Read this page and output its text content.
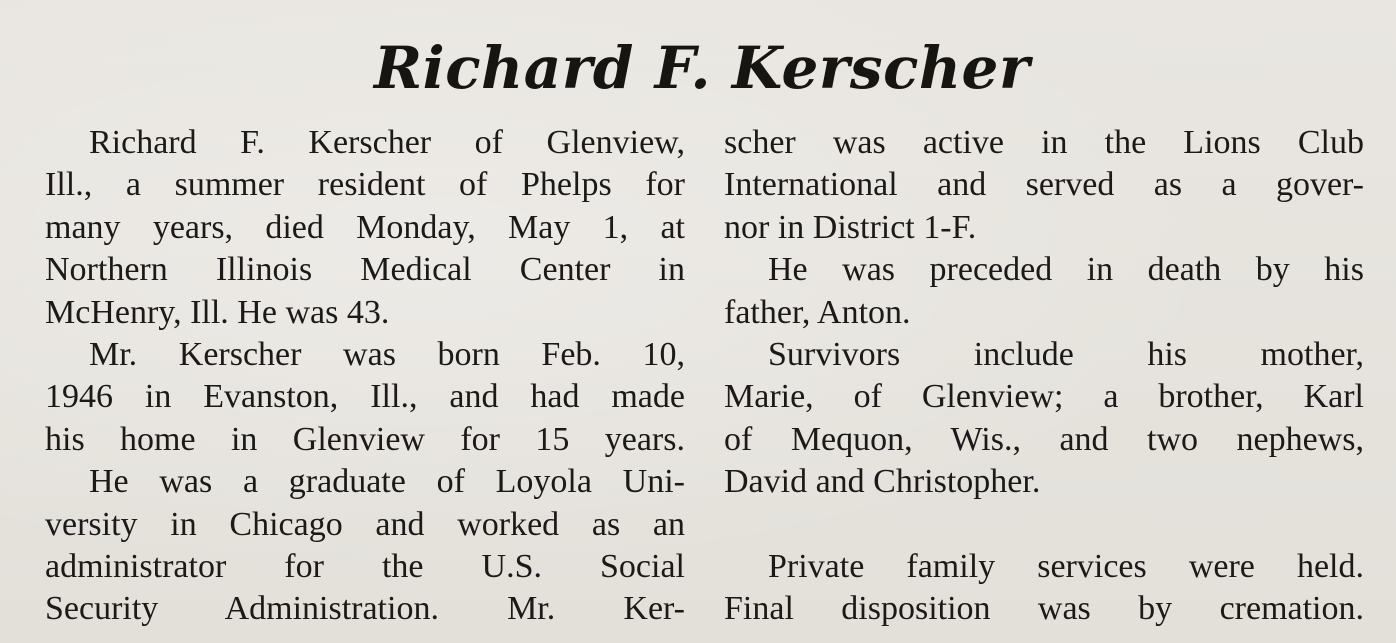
Richard F. Kerscher
Richard F. Kerscher of Glenview,
Ill., a summer resident of Phelps for
many years, died Monday, May 1, at
Northern Illinois Medical Center in
McHenry, Ill. He was 43.
Mr. Kerscher was born Feb. 10,
1946 in Evanston, Ill., and had made
his home in Glenview for 15 years.
He was a graduate of Loyola Uni-
versity in Chicago and worked as an
administrator for the U.S. Social
Security Administration. Mr. Ker-
scher was active in the Lions Club
International and served as a gover-
nor in District 1-F.
He was preceded in death by his
father, Anton.
Survivors include his mother,
Marie, of Glenview; a brother, Karl
of Mequon, Wis., and two nephews,
David and Christopher.
Private family services were held.
Final disposition was by cremation.
